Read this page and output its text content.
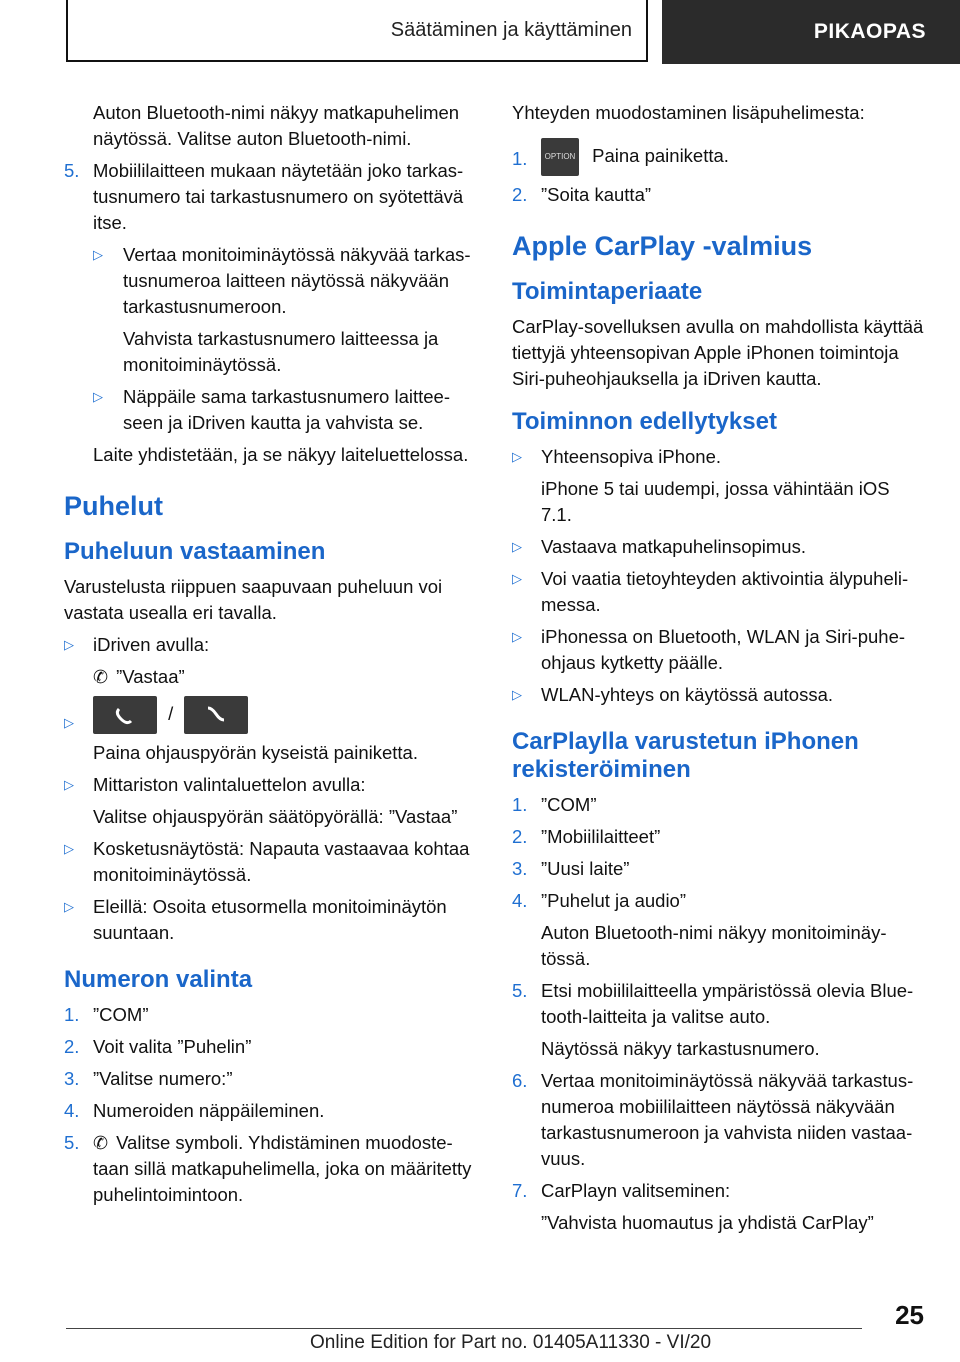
Säätäminen ja käyttäminen	PIKAOPAS

Auton Bluetooth-nimi näkyy matkapuhelimen näytössä. Valitse auton Bluetooth-nimi.

5. Mobiililaitteen mukaan näytetään joko tarkastusnumero tai tarkastusnumero on syötettävä itse.
▷ Vertaa monitoiminäytössä näkyvää tarkastusnumeroa laitteen näytössä näkyvään tarkastusnumeroon.
Vahvista tarkastusnumero laitteessa ja monitoiminäytössä.
▷ Näppäile sama tarkastusnumero laitteeseen ja iDriven kautta ja vahvista se.

Laite yhdistetään, ja se näkyy laiteluettelossa.

Puhelut
Puheluun vastaaminen

Varustelusta riippuen saapuvaan puheluun voi vastata usealla eri tavalla.

▷ iDriven avulla:
✆ ”Vastaa”
▷	/
Paina ohjauspyörän kyseistä painiketta.
▷ Mittariston valintaluettelon avulla:
Valitse ohjauspyörän säätöpyörällä: ”Vastaa”
▷ Kosketusnäytöstä: Napauta vastaavaa kohtaa monitoiminäytössä.
▷ Eleillä: Osoita etusormella monitoiminäytön suuntaan.
Numeron valinta
1. ”COM”
2. Voit valita ”Puhelin”
3. ”Valitse numero:”
4. Numeroiden näppäileminen.
5. ✆ Valitse symboli. Yhdistäminen muodostetaan sillä matkapuhelimella, joka on määritetty puhelintoimintoon.

Yhteyden muodostaminen lisäpuhelimesta:

1. OPTION Paina painiketta.
2. ”Soita kautta”
Apple CarPlay -valmius
Toimintaperiaate

CarPlay-sovelluksen avulla on mahdollista käyttää tiettyjä yhteensopivan Apple iPhonen toimintoja Siri-puheohjauksella ja iDriven kautta.

Toiminnon edellytykset
▷ Yhteensopiva iPhone.
iPhone 5 tai uudempi, jossa vähintään iOS 7.1.
▷ Vastaava matkapuhelinsopimus.
▷ Voi vaatia tietoyhteyden aktivointia älypuhelimessa.
▷ iPhonessa on Bluetooth, WLAN ja Siri-puheohjaus kytketty päälle.
▷ WLAN-yhteys on käytössä autossa.
CarPlaylla varustetun iPhonen rekisteröiminen
1. ”COM”
2. ”Mobiililaitteet”
3. ”Uusi laite”
4. ”Puhelut ja audio”
Auton Bluetooth-nimi näkyy monitoiminäytössä.
5. Etsi mobiililaitteella ympäristössä olevia Bluetooth-laitteita ja valitse auto.
Näytössä näkyy tarkastusnumero.
6. Vertaa monitoiminäytössä näkyvää tarkastusnumeroa mobiililaitteen näytössä näkyvään tarkastusnumeroon ja vahvista niiden vastaavuus.
7. CarPlayn valitseminen:
”Vahvista huomautus ja yhdistä CarPlay”
25
Online Edition for Part no. 01405A11330 - VI/20
